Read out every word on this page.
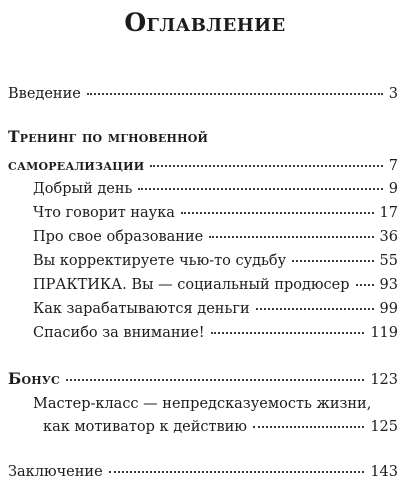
Оглавление
Введение	3
Тренинг по мгновенной
самореализации	7
Добрый день	9
Что говорит наука	17
Про свое образование	36
Вы корректируете чью-то судьбу	55
ПРАКТИКА. Вы — социальный продюсер 93
Как зарабатываются деньги	99
Спасибо за внимание!	119
Бонус	123
Мастер-класс — непредсказуемость жизни,
как мотиватор к действию	125
Заключение	143
